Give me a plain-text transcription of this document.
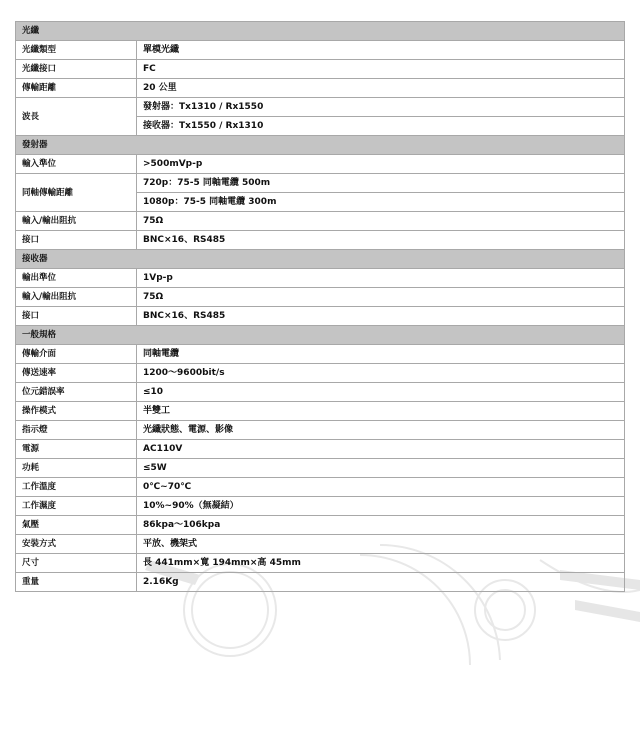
光纖	
光纖類型	單模光纖
光纖接口	FC
傳輸距離	20 公里
波長	發射器：Tx1310 / Rx1550
	接收器：Tx1550 / Rx1310
發射器	
輸入準位	>500mVp-p
同軸傳輸距離	720p：75-5 同軸電纜 500m
	1080p：75-5 同軸電纜 300m
輸入/輸出阻抗	75Ω
接口	BNC×16、RS485
接收器	
輸出準位	1Vp-p
輸入/輸出阻抗	75Ω
接口	BNC×16、RS485
一般規格	
傳輸介面	同軸電纜
傳送速率	1200～9600bit/s
位元錯誤率	≤10
操作模式	半雙工
指示燈	光纖狀態、電源、影像
電源	AC110V
功耗	≤5W
工作溫度	0℃~70℃
工作濕度	10%~90%（無凝結）
氣壓	86kpa～106kpa
安裝方式	平放、機架式
尺寸	長 441mm×寬 194mm×高 45mm
重量	2.16Kg
